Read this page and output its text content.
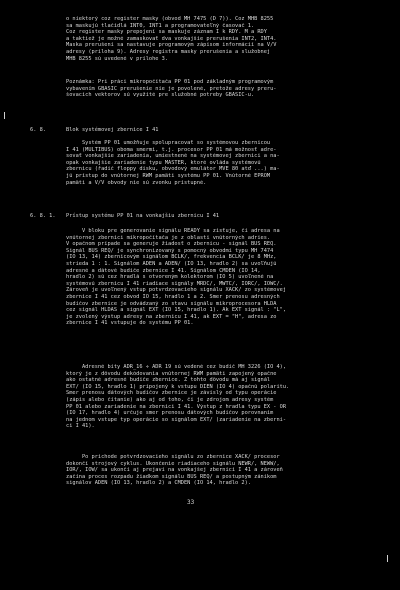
o niektorý coz register masky (obvod MH 7475 (D 7)). Coz MHB 8255
sa maskujú tlačidlá INT0, INT1 a programovateľný časovač 1.
Coz register masky prepojení sa maskuje záznam I k RDY. M a RDY
a taktiež je možné zamaskovať dva vonkajšie prerušenia INT2, INT4.
Maska prerušení sa nastavuje programovým zápisom informácií na V/V
adresy (príloha 9). Adresy registra masky prerušenia a služobnej
MHB 8255 sú uvedené v prílohe 3.
Poznámka: Pri práci mikropočítača PP 01 pod základným programovým
vybavením GBASIC prerušenie nie je povolené, pretože adresy preru-
šovacích vektorov sú využité pre služobné potreby GBASIC-u.
6. 8.	Blok systémovej zbernice I 41
Systém PP 01 umožňuje spolupracovať so systémovou zbernicou
I 41 (MULTIBUS) oboma smermi, t.j. procesor PP 01 má možnosť adre-
sovať vonkajšie zariadenia, umiestnené na systémovej zbernici a na-
opak vonkajšie zariadenie typu MASTER, ktoré ovláda systémovú
zbernicu (řadič floppy disku, obvodový emulátor MVE 80 atď ...) ma-
jú prístup do vnútornej RWM pamäti systému PP 01. Vnútorné EPROM
pamäti a V/V obvody nie sú zvonku prístupné.
6. 8. 1. Prístup systému PP 01 na vonkajšiu zbernicu I 41
V bloku pre generovanie signálu READY sa zisťuje, či adresa na
vnútornej zbernici mikropočítača je z oblasti vnútorných adries.
V opačnom prípade sa generuje žiadosť o zbernicu - signál BUS REQ.
Signál BUS REQ/ je synchronizovaný s pomocný obvodmi typu MH 7474
(IO 13, 14) zbernicovým signálom BCLK/, frekvencia BCLK/ je 8 MHz,
strieda 1 : 1. Signálom ADEN a ADEN/ (IO 13, hradlo 2) sa uvoľňujú
adresné a dátové budiče zbernice I 41. Signálom CMDEN (IO 14,
hradlo 2) sú cez hradlá s otvoreným kolektorom (IO 5) uvoľnené na
systémovú zbernicu I 41 riadiace signály MRDC/, MWTC/, IORC/, IOWC/.
Zároveň je uvoľnený vstup potvrdzovacieho signálu XACK/ zo systémovej
zbernice I 41 cez obvod IO 15, hradlo 1 a 2. Smer prenosu adresných
budičov zbernice je odvádzaný zo stavu signálu mikroprocesora HLDA
cez signál HLDAS a signál EXT (IO 15, hradlo 1). Ak EXT signál : "L",
je zvolený výstup adresy na zbernicu I 41, ak EXT = "H", adresa zo
zbernice I 41 vstupuje do systému PP 01.
Adresné bity ADR_16 ÷ ADR 19 sú vedené cez budič MH 3226 (IO 4),
ktorý je z dôvodu dekódovania vnútornej RWM pamäti zapojený opačne
ako ostatné adresné budiče zbernice. Z tohto dôvodu má aj signál
EXT/ (IO 15, hradlo 1) pripojený k vstupu DIEN (IO 4) opačnú polaritu.
Smer prenosu dátových budičov zbernice je závislý od typu operácie
(zápis alebo čítanie) ako aj od toho, či je zdrojom adresy systém
PP 01 alebo zariadenie na zbernici I 41. Výstup z hradla typu EX - OR
(IO 17, hradlo 4) určuje smer prenosu dátových budičov porovnaním
na jednom vstupe typ operácie so signálom EXT/ (zariadenie na zberni-
ci I 41).
Po príchode potvrdzovacieho signálu zo zbernice XACK/ procesor
dokončí strojový cyklus. Ukončenie riadiaceho signálu NEWR/, NEWW/,
IOR/, IOW/ sa ukončí aj prejavi na vonkajšej zbernici I 41 a zároveň
začína proces rozpadu žiadkom signálu BUS REQ/ a postupným zánikom
signálov ADEN (IO 13, hradlo 2) a CMDEN (IO 14, hradlo 2).
33
